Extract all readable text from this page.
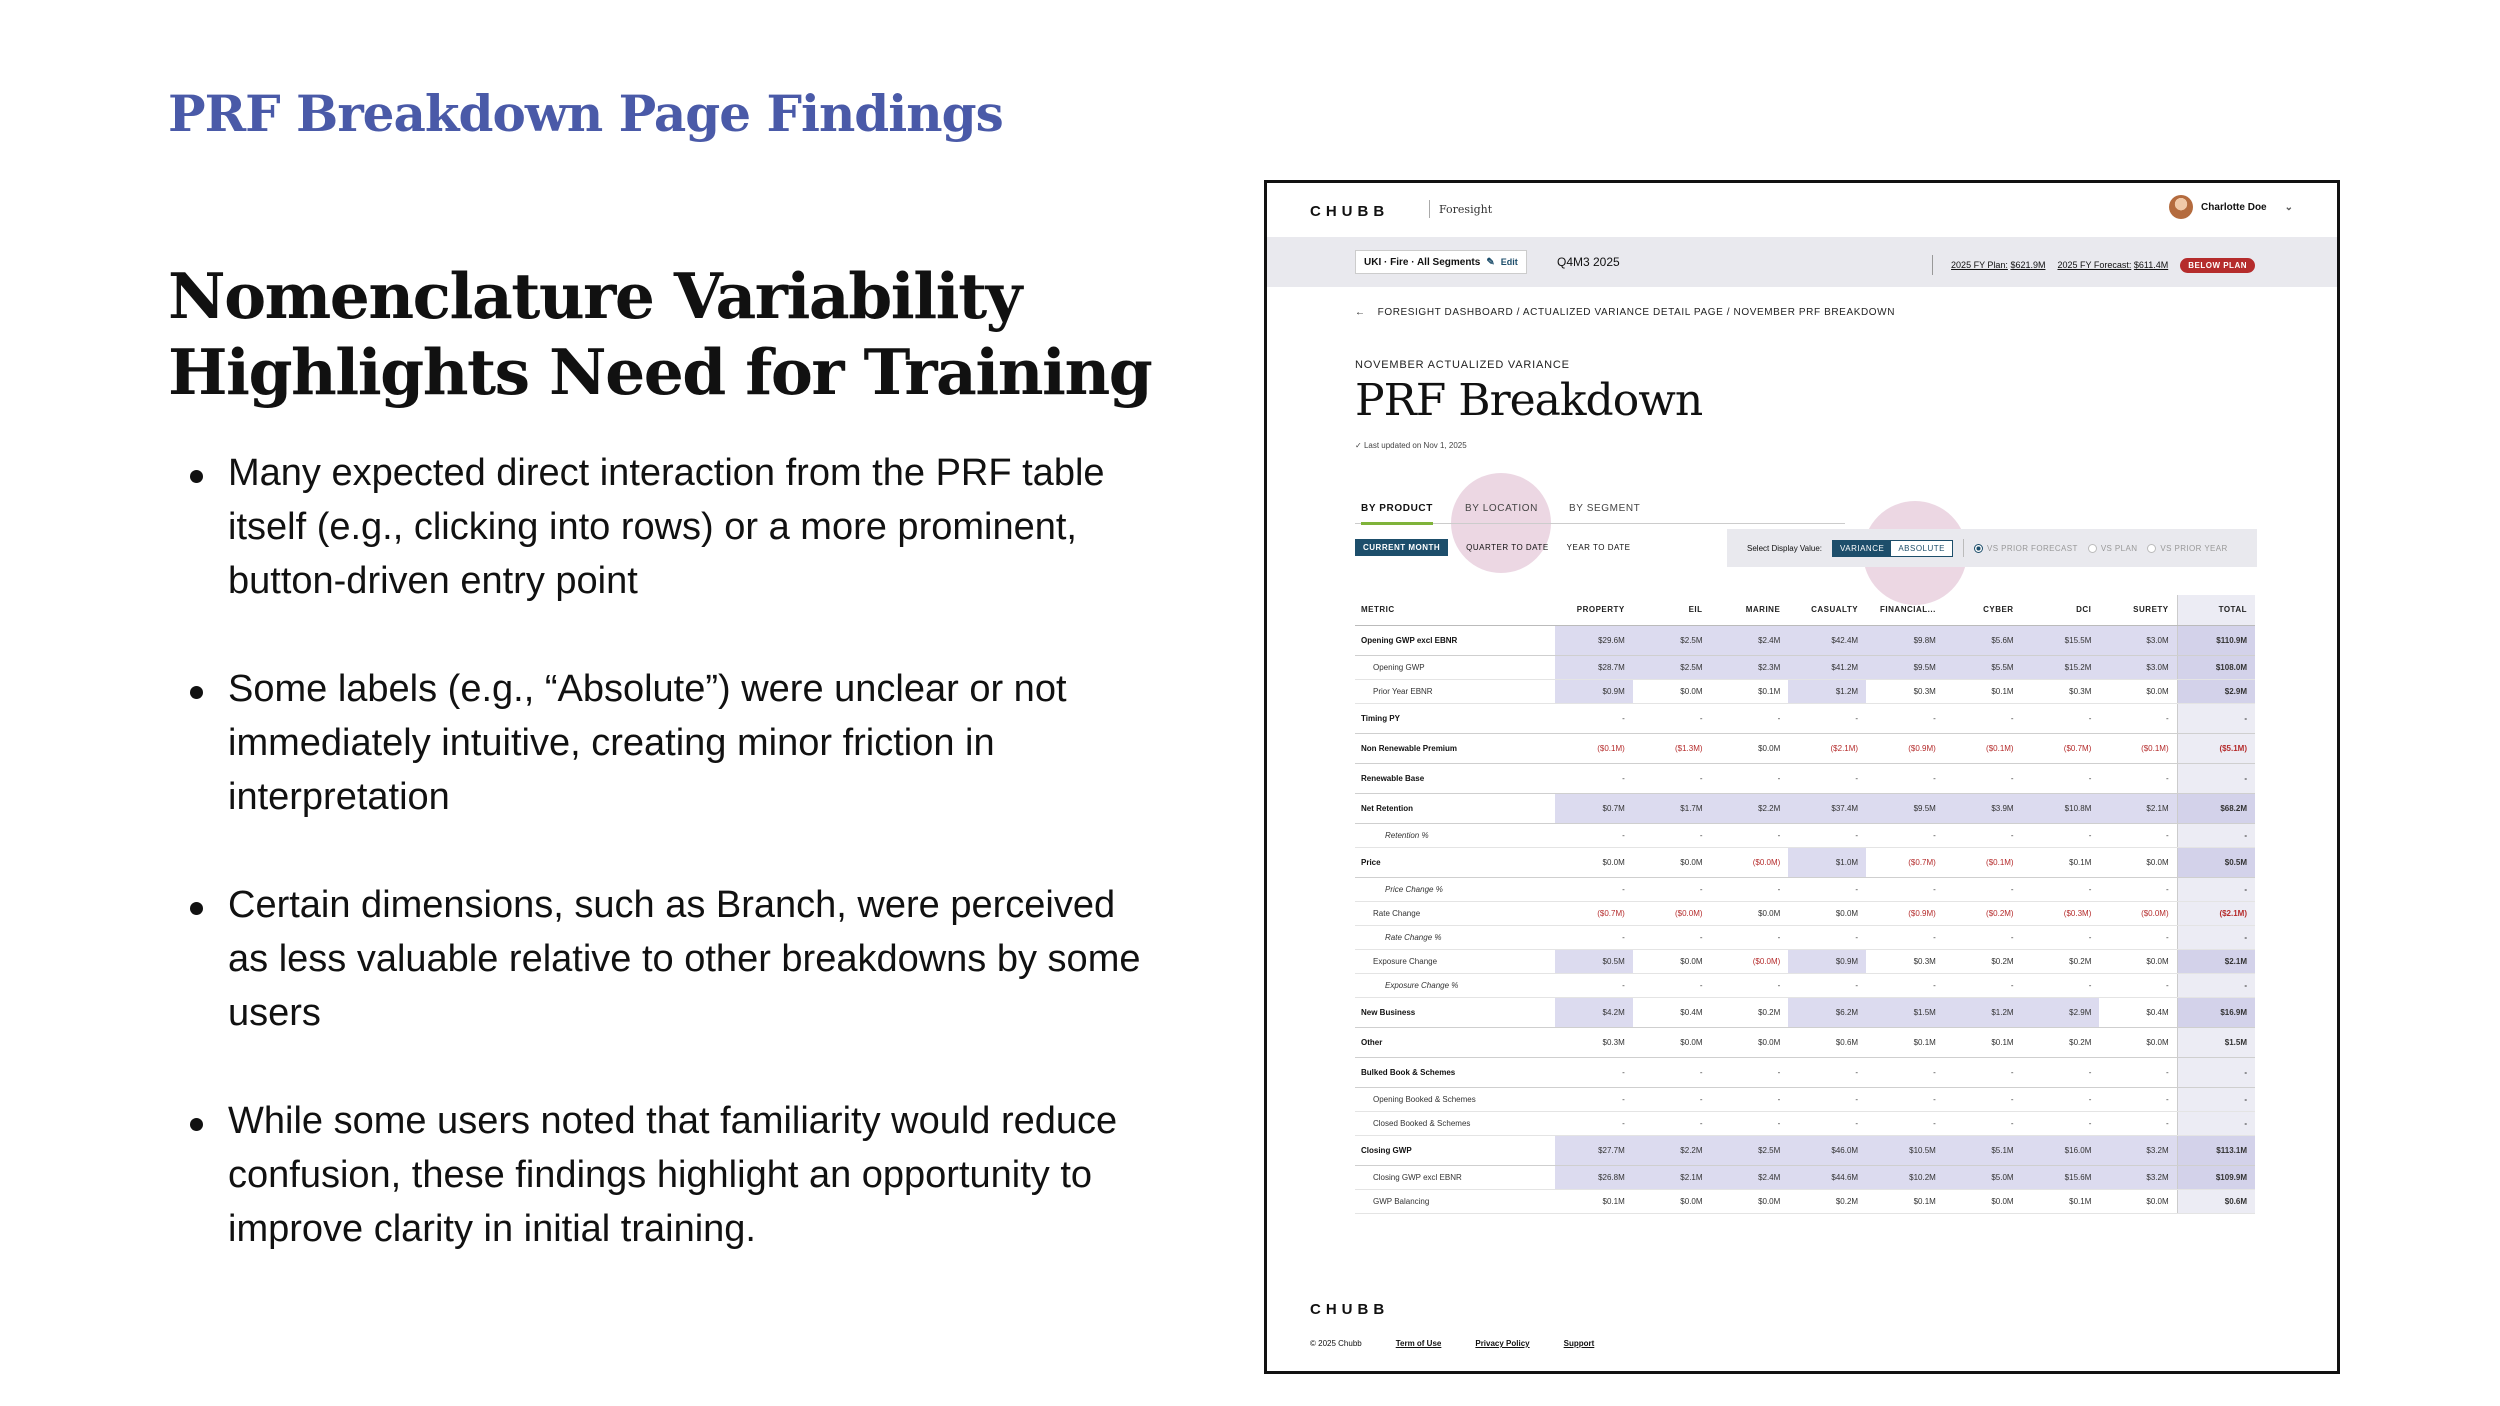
PRF Breakdown Page Findings
Nomenclature Variability
Highlights Need for Training
Many expected direct interaction from the PRF table itself (e.g., clicking into rows) or a more prominent, button-driven entry point
Some labels (e.g., “Absolute”) were unclear or not immediately intuitive, creating minor friction in interpretation
Certain dimensions, such as Branch, were perceived as less valuable relative to other breakdowns by some users
While some users noted that familiarity would reduce confusion, these findings highlight an opportunity to improve clarity in initial training.
CHUBB	Foresight	Charlotte Doe ⌄
UKI · Fire · All Segments ✎ Edit	Q4M3 2025	2025 FY Plan: $621.9M 2025 FY Forecast: $611.4M	BELOW PLAN
← FORESIGHT DASHBOARD / ACTUALIZED VARIANCE DETAIL PAGE / NOVEMBER PRF BREAKDOWN
NOVEMBER ACTUALIZED VARIANCE
PRF Breakdown
✓ Last updated on Nov 1, 2025
BY PRODUCT	BY LOCATION	BY SEGMENT
CURRENT MONTH	QUARTER TO DATE YEAR TO DATE	Select Display Value:	VARIANCE	ABSOLUTE	VS PRIOR FORECAST	VS PLAN	VS PRIOR YEAR
METRIC	PROPERTY	EIL	MARINE	CASUALTY	FINANCIAL...	CYBER	DCI	SURETY	TOTAL
Opening GWP excl EBNR	$29.6M	$2.5M	$2.4M	$42.4M	$9.8M	$5.6M	$15.5M	$3.0M	$110.9M
Opening GWP	$28.7M	$2.5M	$2.3M	$41.2M	$9.5M	$5.5M	$15.2M	$3.0M	$108.0M
Prior Year EBNR	$0.9M	$0.0M	$0.1M	$1.2M	$0.3M	$0.1M	$0.3M	$0.0M	$2.9M
Timing PY	-	-	-	-	-	-	-	-	-
Non Renewable Premium	($0.1M)	($1.3M)	$0.0M	($2.1M)	($0.9M)	($0.1M)	($0.7M)	($0.1M)	($5.1M)
Renewable Base	-	-	-	-	-	-	-	-	-
Net Retention	$0.7M	$1.7M	$2.2M	$37.4M	$9.5M	$3.9M	$10.8M	$2.1M	$68.2M
Retention %	-	-	-	-	-	-	-	-	-
Price	$0.0M	$0.0M	($0.0M)	$1.0M	($0.7M)	($0.1M)	$0.1M	$0.0M	$0.5M
Price Change %	-	-	-	-	-	-	-	-	-
Rate Change	($0.7M)	($0.0M)	$0.0M	$0.0M	($0.9M)	($0.2M)	($0.3M)	($0.0M)	($2.1M)
Rate Change %	-	-	-	-	-	-	-	-	-
Exposure Change	$0.5M	$0.0M	($0.0M)	$0.9M	$0.3M	$0.2M	$0.2M	$0.0M	$2.1M
Exposure Change %	-	-	-	-	-	-	-	-	-
New Business	$4.2M	$0.4M	$0.2M	$6.2M	$1.5M	$1.2M	$2.9M	$0.4M	$16.9M
Other	$0.3M	$0.0M	$0.0M	$0.6M	$0.1M	$0.1M	$0.2M	$0.0M	$1.5M
Bulked Book & Schemes	-	-	-	-	-	-	-	-	-
Opening Booked & Schemes	-	-	-	-	-	-	-	-	-
Closed Booked & Schemes	-	-	-	-	-	-	-	-	-
Closing GWP	$27.7M	$2.2M	$2.5M	$46.0M	$10.5M	$5.1M	$16.0M	$3.2M	$113.1M
Closing GWP excl EBNR	$26.8M	$2.1M	$2.4M	$44.6M	$10.2M	$5.0M	$15.6M	$3.2M	$109.9M
GWP Balancing	$0.1M	$0.0M	$0.0M	$0.2M	$0.1M	$0.0M	$0.1M	$0.0M	$0.6M
CHUBB
© 2025 Chubb	Term of Use	Privacy Policy	Support
